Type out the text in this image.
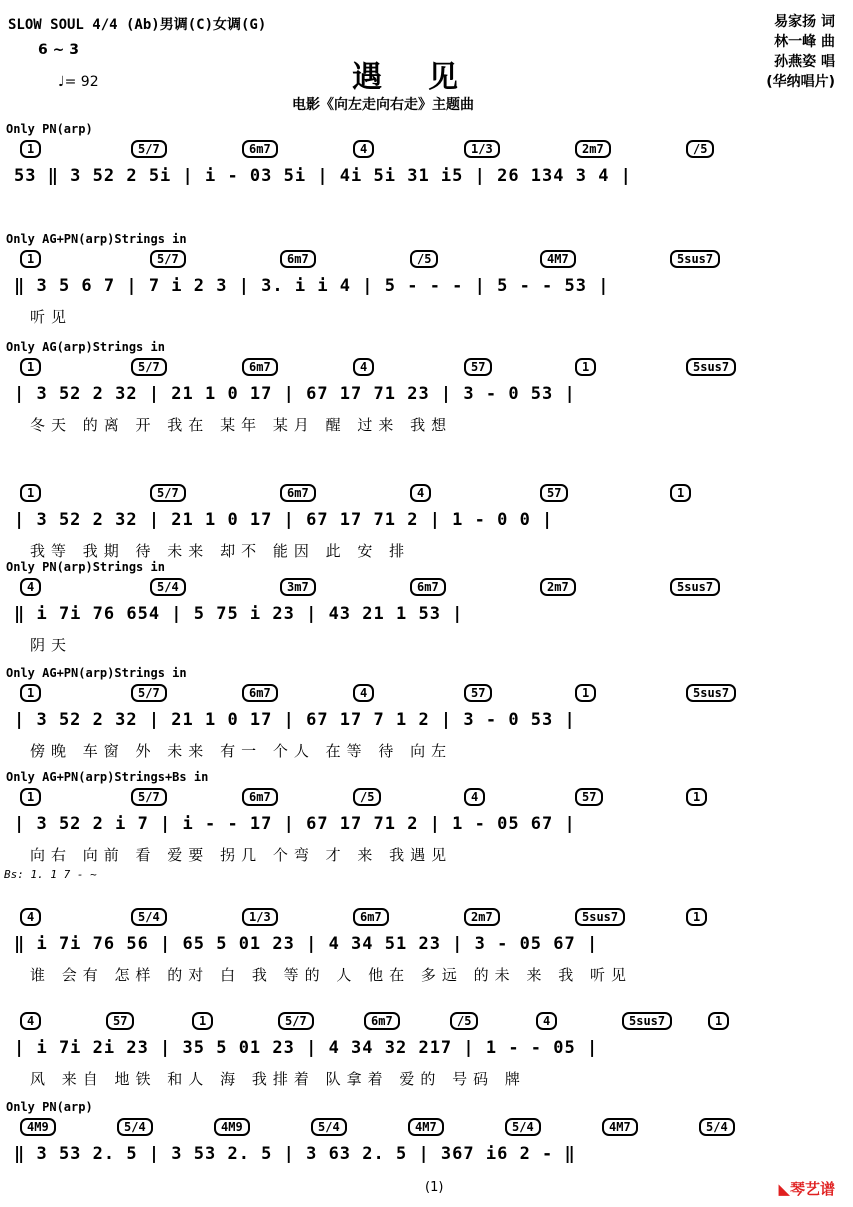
SLOW SOUL 4/4 (Ab)男调(C)女调(G)
6 ~ 3
♩= 92	遇见
电影《向左走向右走》主题曲
易家扬 词
林一峰 曲
孙燕姿 唱
(华纳唱片)
Only PN(arp)
1	5/7	6m7	4	1/3	2m7	/5
53 ‖ 3 52 2 5i | i - 03 5i | 4i 5i 31 i5 | 26 134 3 4 |
Only AG+PN(arp)Strings in
1	5/7	6m7	/5	4M7	5sus7
‖ 3 5 6 7 | 7 i 2 3 | 3. i i 4 | 5 - - - | 5 - - 53 |
听见
Only AG(arp)Strings in
1	5/7	6m7	4	57	1	5sus7
| 3 52 2 32 | 21 1 0 17 | 67 17 71 23 | 3 - 0 53 |
冬天 的离 开 我在 某年 某月 醒 过来 我想
1	5/7	6m7	4	57	1
| 3 52 2 32 | 21 1 0 17 | 67 17 71 2 | 1 - 0 0 |
我等 我期 待 未来 却不 能因 此 安 排
Only PN(arp)Strings in
4	5/4	3m7	6m7	2m7	5sus7
‖ i 7i 76 654 | 5 75 i 23 | 43 21 1 53 |
阴天
Only AG+PN(arp)Strings in
1	5/7	6m7	4	57	1	5sus7
| 3 52 2 32 | 21 1 0 17 | 67 17 7 1 2 | 3 - 0 53 |
傍晚 车窗 外 未来 有一 个人 在等 待 向左
Only AG+PN(arp)Strings+Bs in
1	5/7	6m7	/5	4	57	1
| 3 52 2 i 7 | i - - 17 | 67 17 71 2 | 1 - 05 67 |
向右 向前 看 爱要 拐几 个弯 才 来 我遇见
Bs: 1. 1 7 - ~
4	5/4	1/3	6m7	2m7	5sus7	1
‖ i 7i 76 56 | 65 5 01 23 | 4 34 51 23 | 3 - 05 67 |
谁 会有 怎样 的对 白 我 等的 人 他在 多远 的未 来 我 听见
4	57	1	5/7	6m7	/5	4	5sus7	1
| i 7i 2i 23 | 35 5 01 23 | 4 34 32 217 | 1 - - 05 |
风 来自 地铁 和人 海 我排着 队拿着 爱的 号码 牌
Only PN(arp)
4M9	5/4	4M9	5/4	4M7	5/4	4M7	5/4
‖ 3 53 2. 5 | 3 53 2. 5 | 3 63 2. 5 | 367 i6 2 - ‖
(1)	◣琴艺谱
